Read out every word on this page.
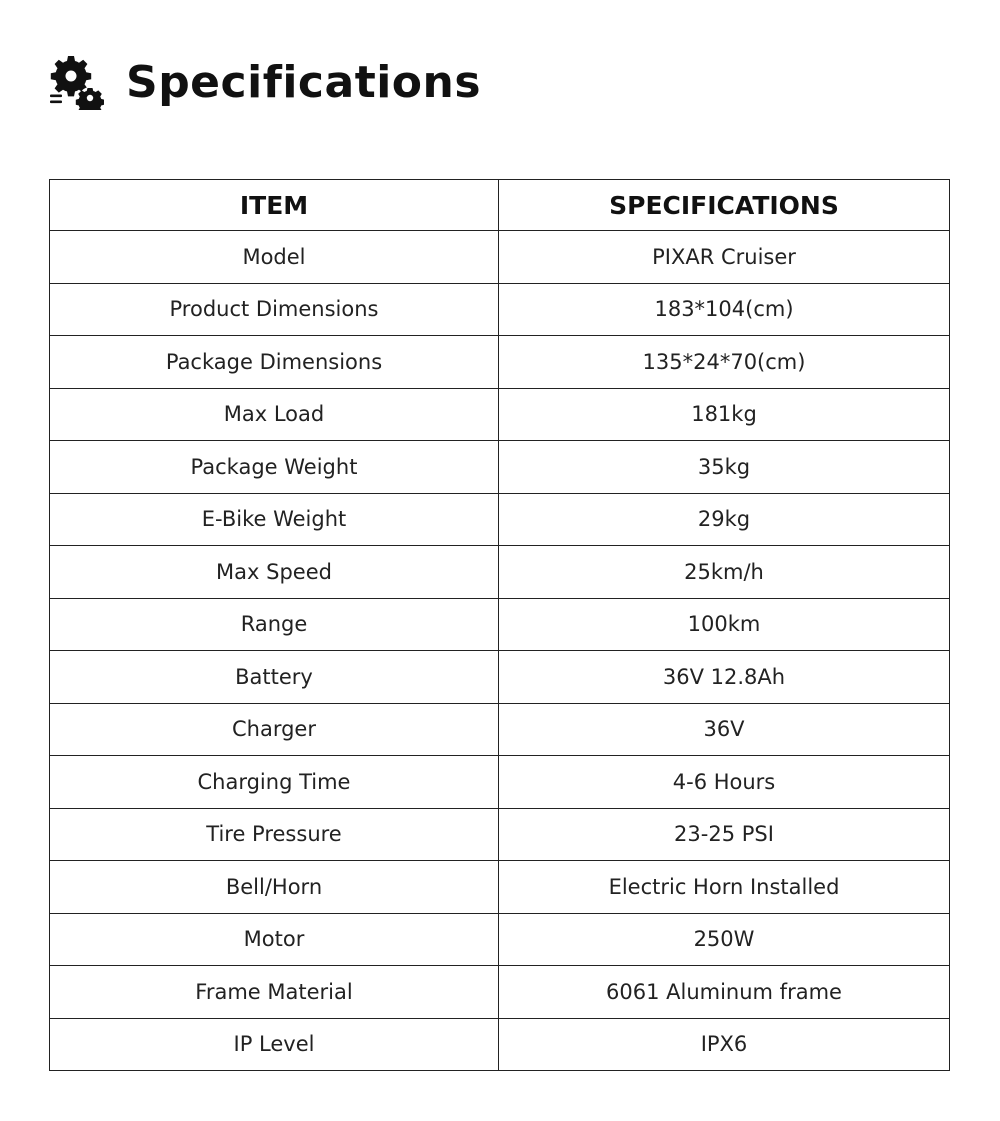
Specifications
ITEM	SPECIFICATIONS
Model	PIXAR Cruiser
Product Dimensions	183*104(cm)
Package Dimensions	135*24*70(cm)
Max Load	181kg
Package Weight	35kg
E-Bike Weight	29kg
Max Speed	25km/h
Range	100km
Battery	36V 12.8Ah
Charger	36V
Charging Time	4-6 Hours
Tire Pressure	23-25 PSI
Bell/Horn	Electric Horn Installed
Motor	250W
Frame Material	6061 Aluminum frame
IP Level	IPX6
